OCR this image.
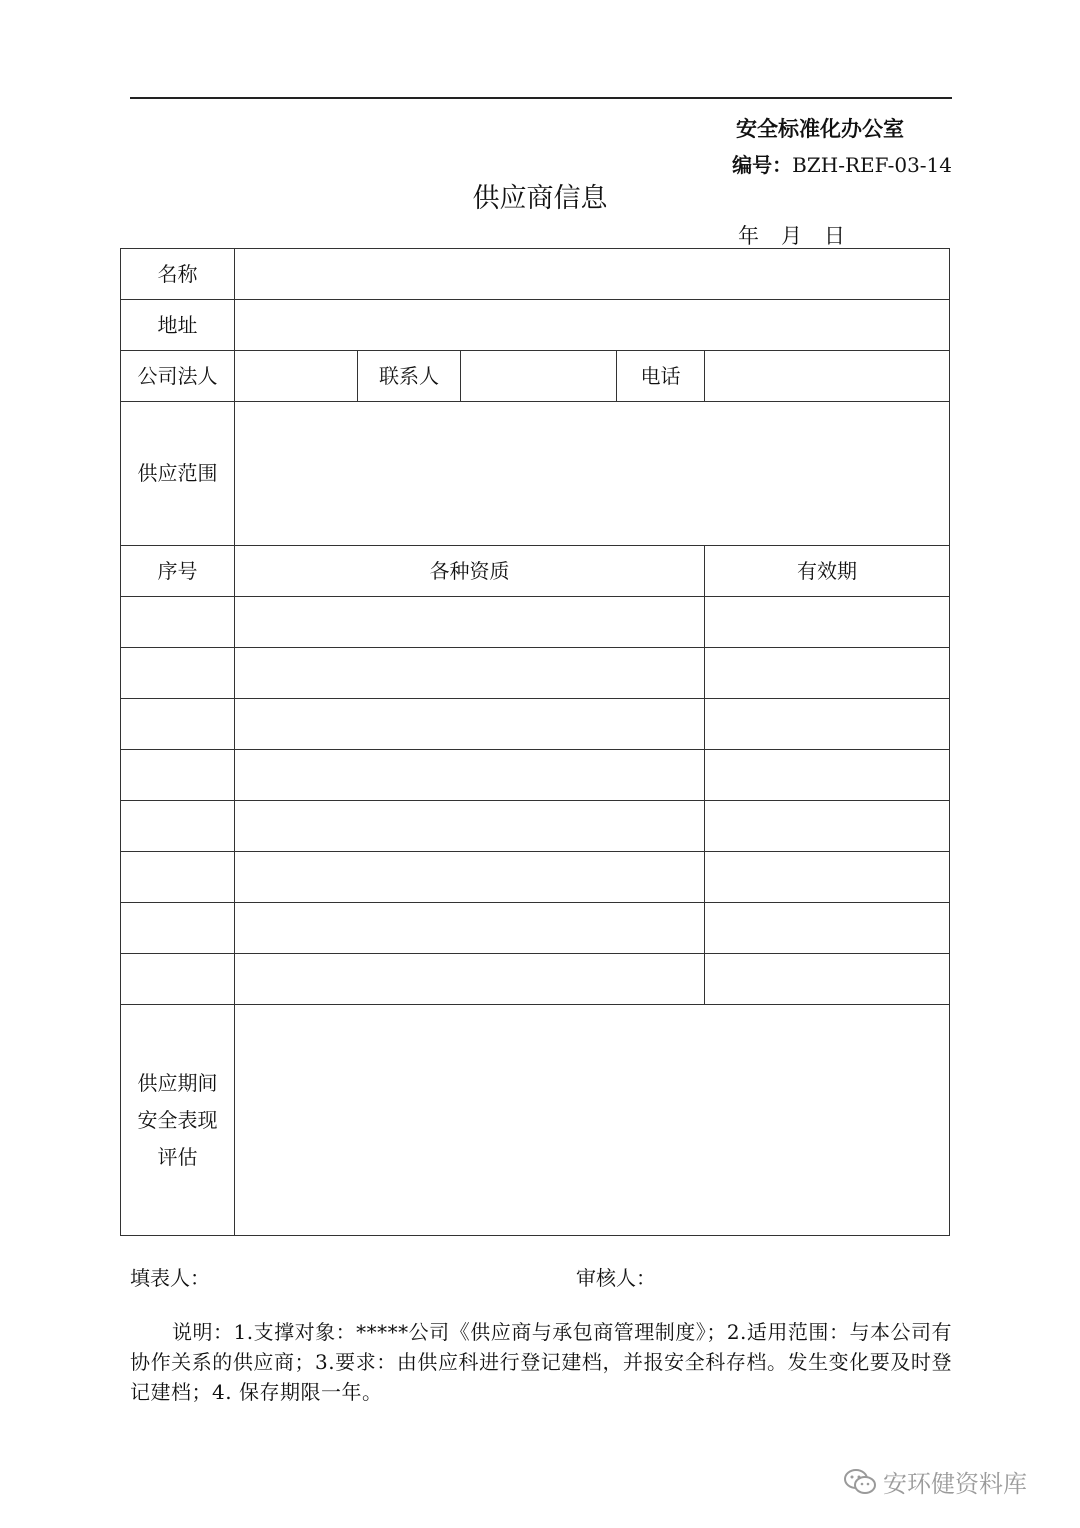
安全标准化办公室
编号：BZH-REF-03-14
供应商信息
年 月 日
名称					
地址					
公司法人		联系人		电话	
供应范围					
序号	各种资质				有效期

供应期间
安全表现
评估					

填表人：	审核人：
说明：1.支撑对象：*****公司《供应商与承包商管理制度》；2.适用范围：与本公司有协作关系的供应商；3.要求：由供应科进行登记建档，并报安全科存档。发生变化要及时登记建档；4. 保存期限一年。
安环健资料库
